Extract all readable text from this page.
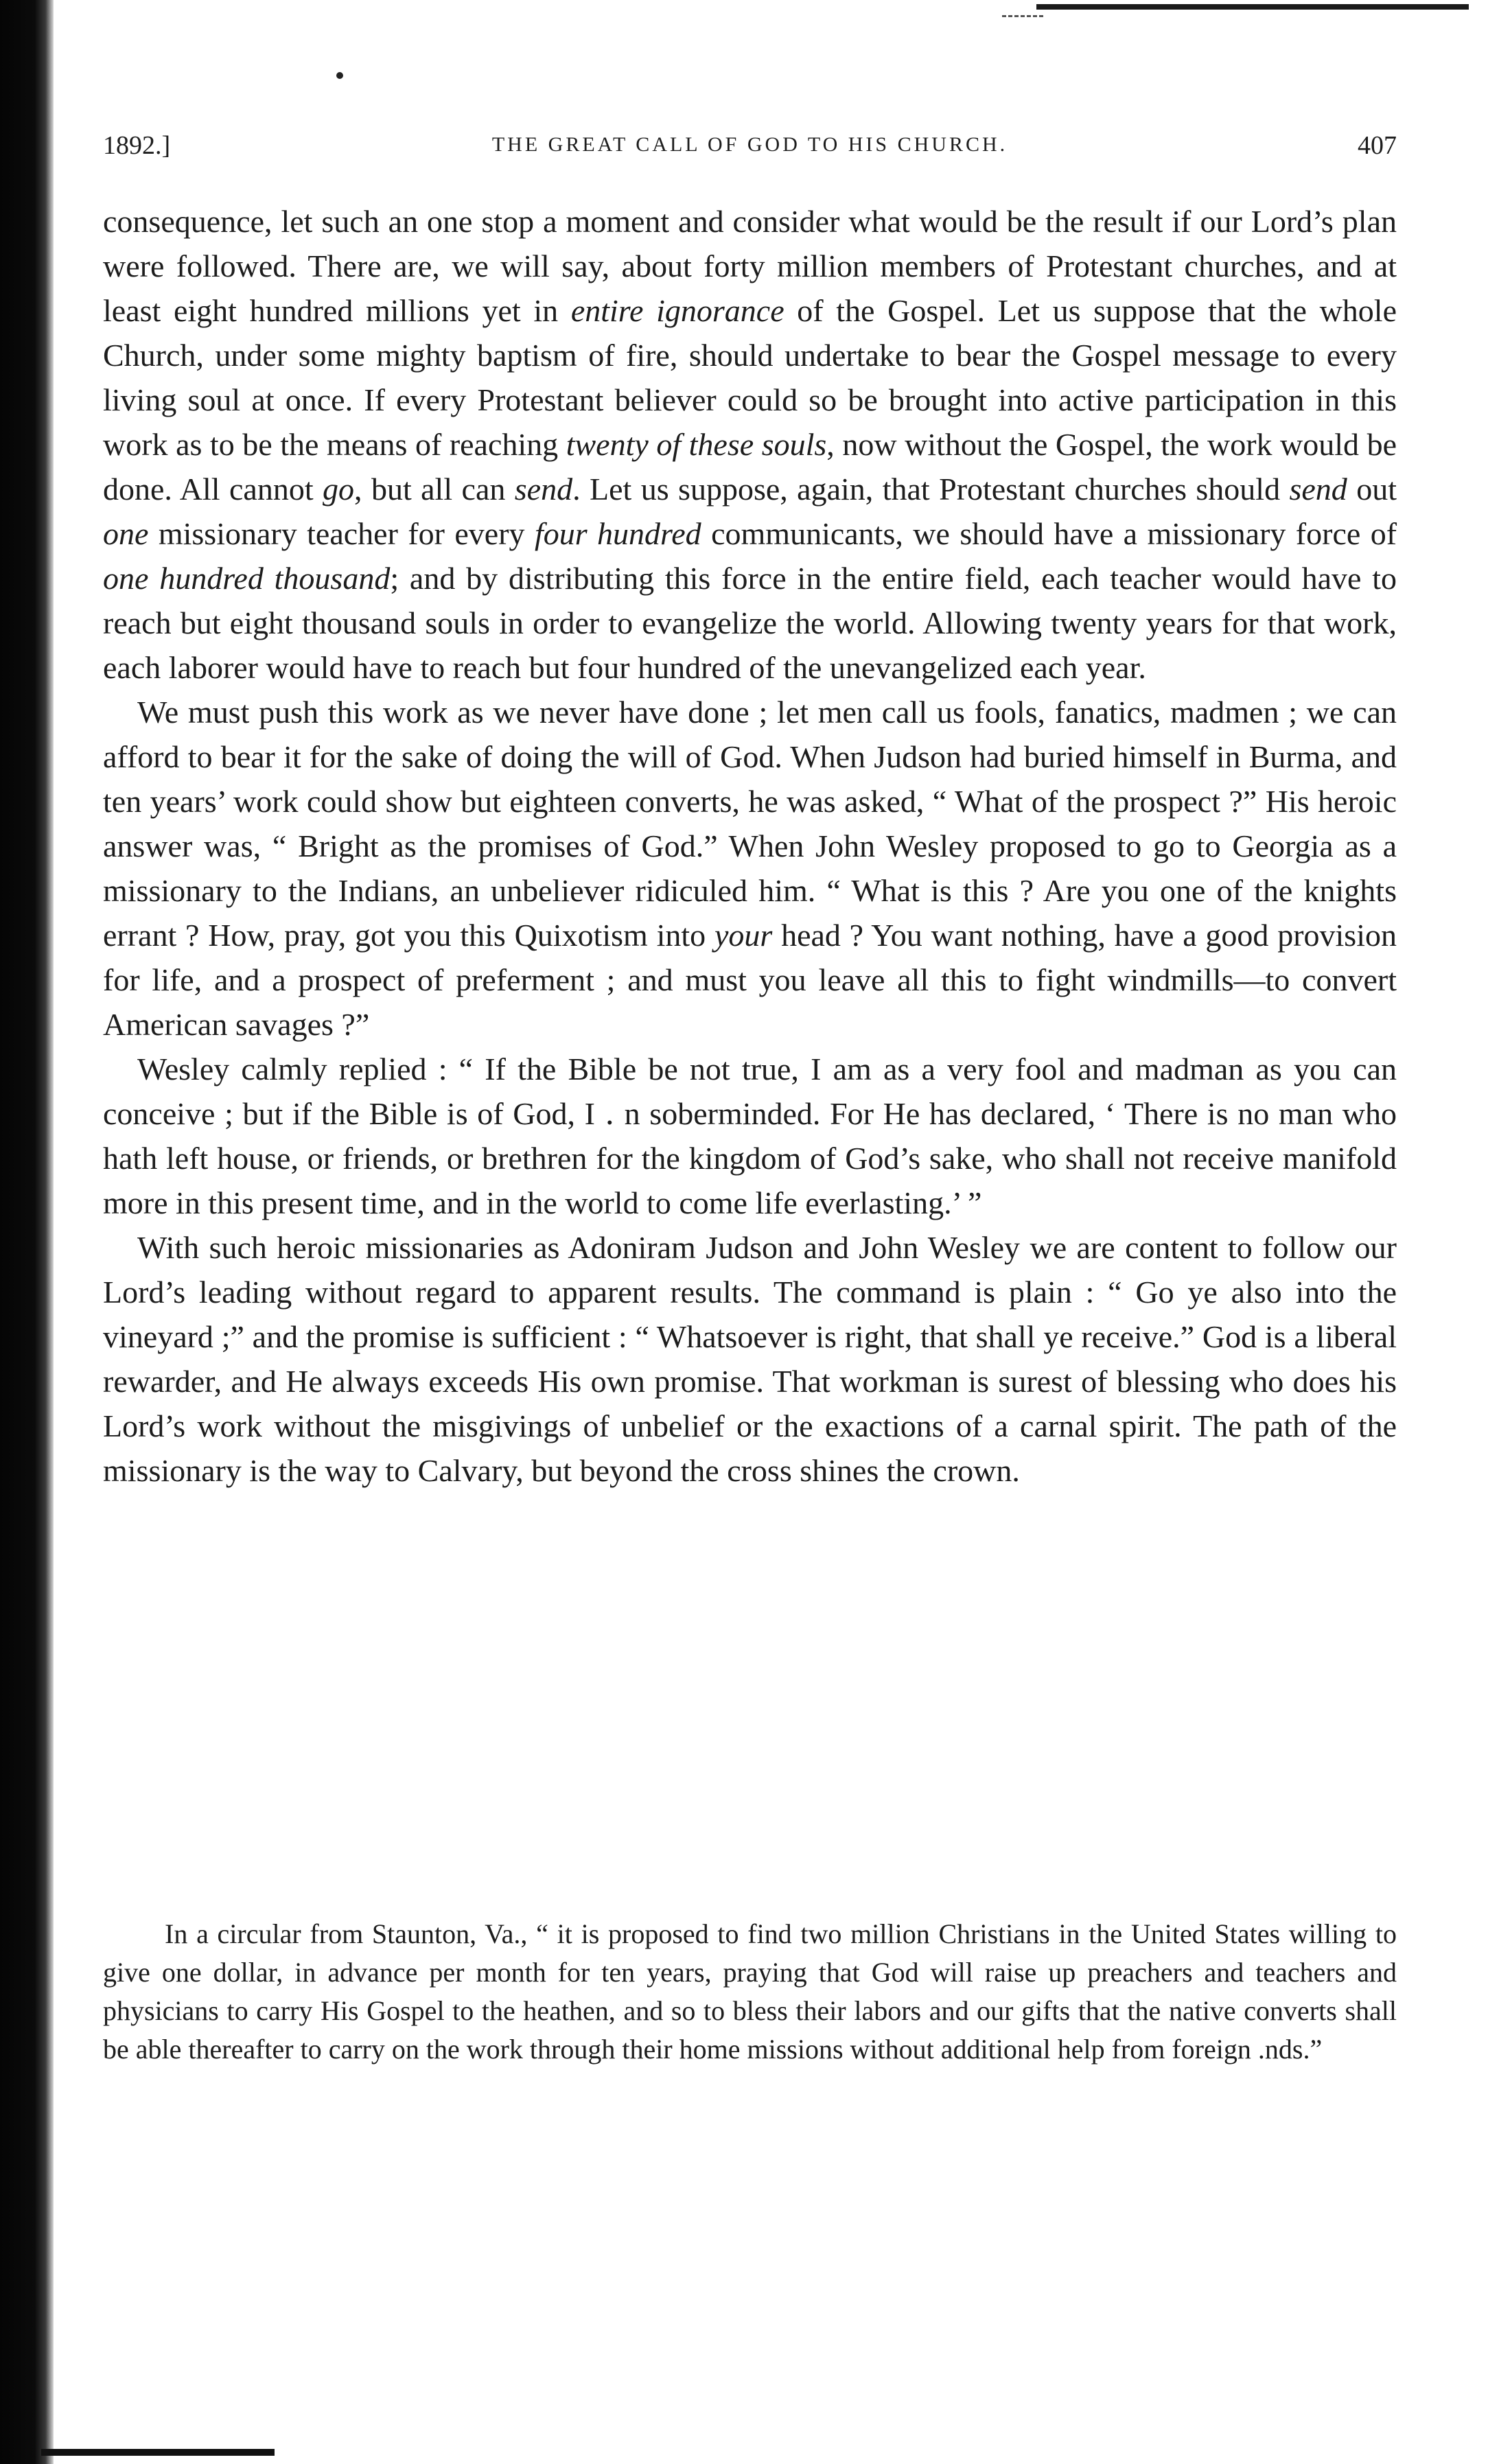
1892.]	THE GREAT CALL OF GOD TO HIS CHURCH.	407

consequence, let such an one stop a moment and consider what would be the result if our Lord’s plan were followed. There are, we will say, about forty million members of Protestant churches, and at least eight hundred millions yet in entire ignorance of the Gospel. Let us suppose that the whole Church, under some mighty baptism of fire, should undertake to bear the Gospel message to every living soul at once. If every Protestant believer could so be brought into active participation in this work as to be the means of reaching twenty of these souls, now without the Gospel, the work would be done. All cannot go, but all can send. Let us suppose, again, that Protestant churches should send out one missionary teacher for every four hundred communicants, we should have a missionary force of one hundred thousand; and by distributing this force in the entire field, each teacher would have to reach but eight thousand souls in order to evangelize the world. Allowing twenty years for that work, each laborer would have to reach but four hundred of the unevangelized each year.

We must push this work as we never have done ; let men call us fools, fanatics, madmen ; we can afford to bear it for the sake of doing the will of God. When Judson had buried himself in Burma, and ten years’ work could show but eighteen converts, he was asked, “ What of the prospect ?” His heroic answer was, “ Bright as the promises of God.” When John Wesley proposed to go to Georgia as a missionary to the Indians, an unbeliever ridiculed him. “ What is this ? Are you one of the knights errant ? How, pray, got you this Quixotism into your head ? You want nothing, have a good provision for life, and a prospect of preferment ; and must you leave all this to fight windmills—to convert American savages ?”

Wesley calmly replied : “ If the Bible be not true, I am as a very fool and madman as you can conceive ; but if the Bible is of God, I ․ n soberminded. For He has declared, ‘ There is no man who hath left house, or friends, or brethren for the kingdom of God’s sake, who shall not receive manifold more in this present time, and in the world to come life everlasting.’ ”

With such heroic missionaries as Adoniram Judson and John Wesley we are content to follow our Lord’s leading without regard to apparent results. The command is plain : “ Go ye also into the vineyard ;” and the promise is sufficient : “ Whatsoever is right, that shall ye receive.” God is a liberal rewarder, and He always exceeds His own promise. That workman is surest of blessing who does his Lord’s work without the misgivings of unbelief or the exactions of a carnal spirit. The path of the missionary is the way to Calvary, but beyond the cross shines the crown.

In a circular from Staunton, Va., “ it is proposed to find two million Christians in the United States willing to give one dollar, in advance per month for ten years, praying that God will raise up preachers and teachers and physicians to carry His Gospel to the heathen, and so to bless their labors and our gifts that the native converts shall be able thereafter to carry on the work through their home missions without additional help from foreign .nds.”
